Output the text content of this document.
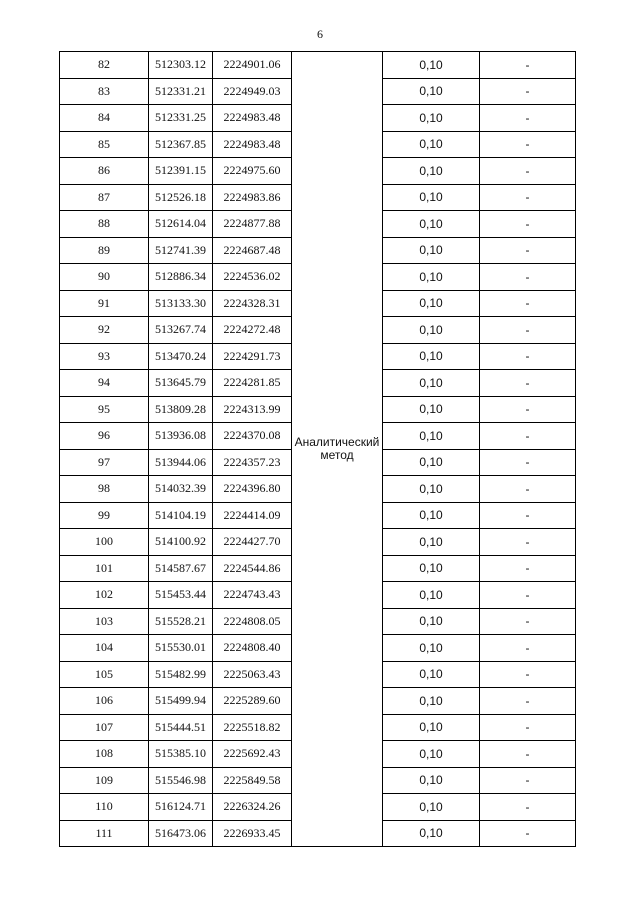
6
82	512303.12	2224901.06	Аналитический метод	0,10	-
83	512331.21	2224949.03		0,10	-
84	512331.25	2224983.48		0,10	-
85	512367.85	2224983.48		0,10	-
86	512391.15	2224975.60		0,10	-
87	512526.18	2224983.86		0,10	-
88	512614.04	2224877.88		0,10	-
89	512741.39	2224687.48		0,10	-
90	512886.34	2224536.02		0,10	-
91	513133.30	2224328.31		0,10	-
92	513267.74	2224272.48		0,10	-
93	513470.24	2224291.73		0,10	-
94	513645.79	2224281.85		0,10	-
95	513809.28	2224313.99		0,10	-
96	513936.08	2224370.08		0,10	-
97	513944.06	2224357.23		0,10	-
98	514032.39	2224396.80		0,10	-
99	514104.19	2224414.09		0,10	-
100	514100.92	2224427.70		0,10	-
101	514587.67	2224544.86		0,10	-
102	515453.44	2224743.43		0,10	-
103	515528.21	2224808.05		0,10	-
104	515530.01	2224808.40		0,10	-
105	515482.99	2225063.43		0,10	-
106	515499.94	2225289.60		0,10	-
107	515444.51	2225518.82		0,10	-
108	515385.10	2225692.43		0,10	-
109	515546.98	2225849.58		0,10	-
110	516124.71	2226324.26		0,10	-
111	516473.06	2226933.45		0,10	-
